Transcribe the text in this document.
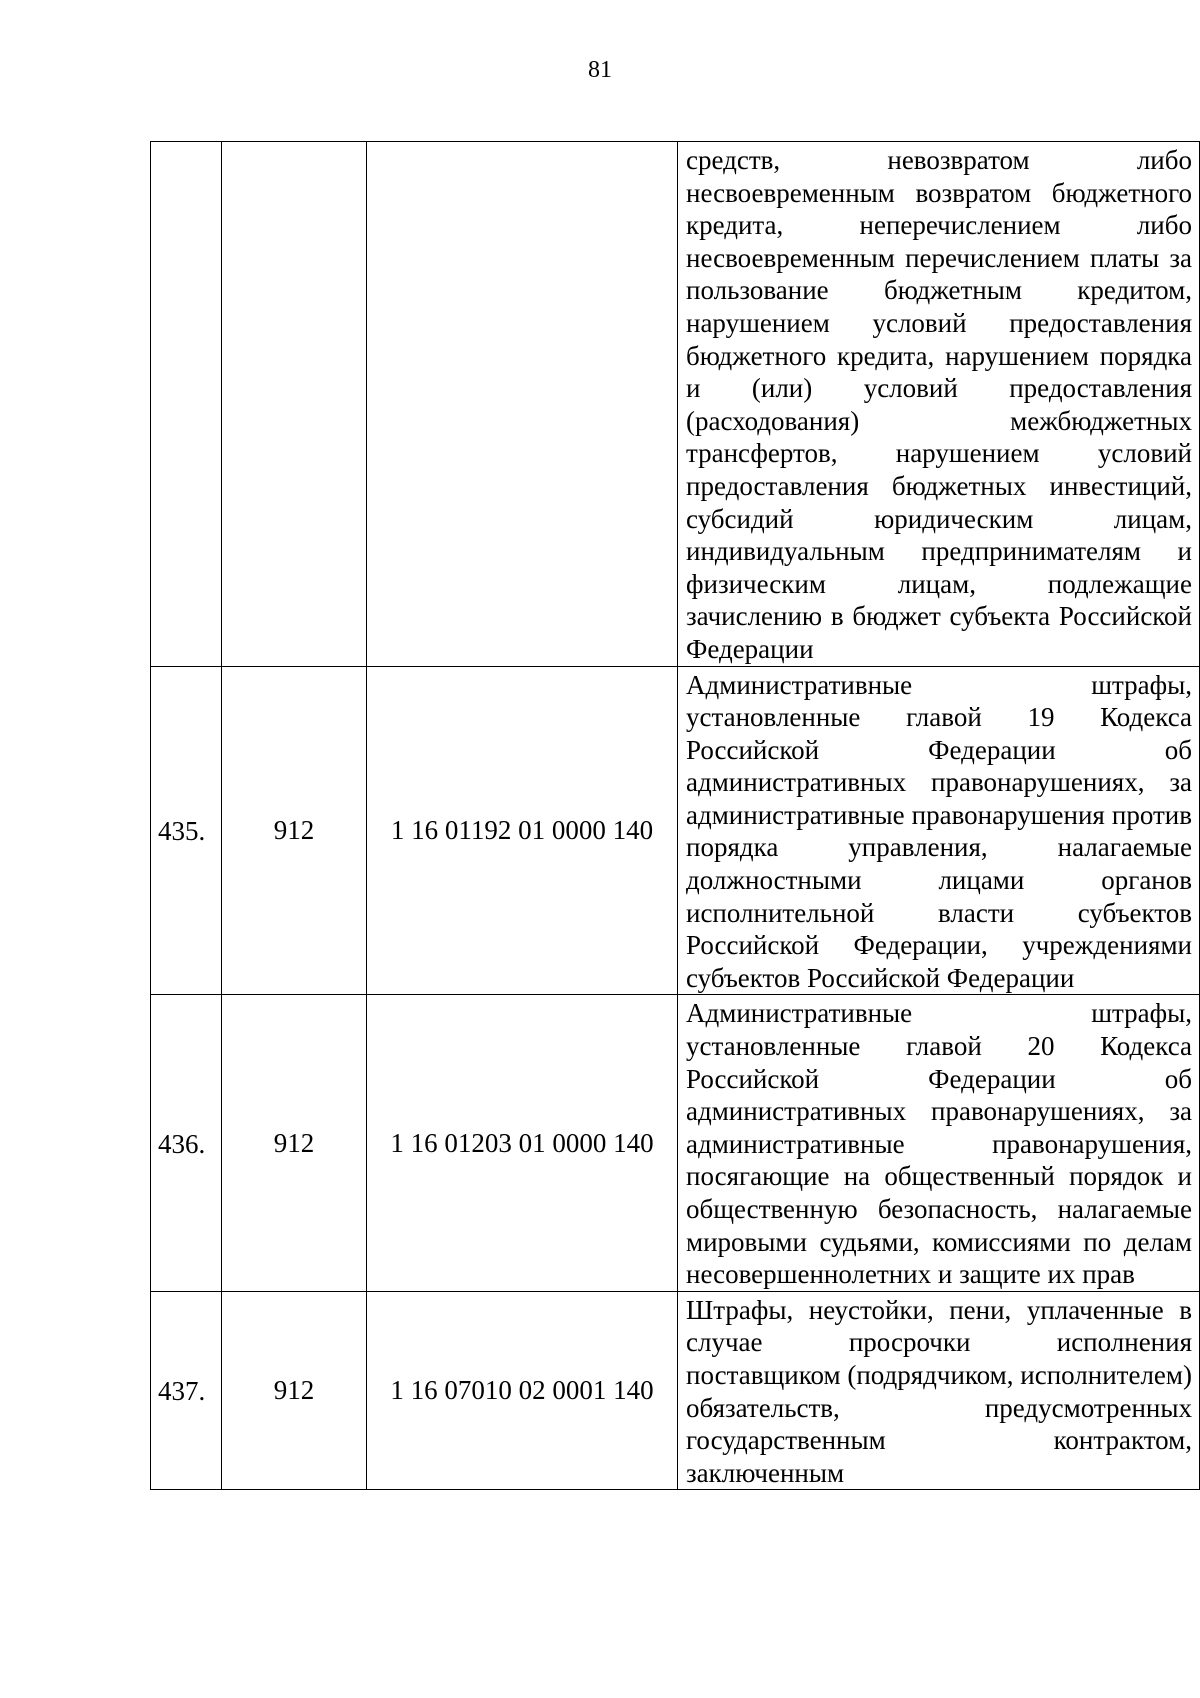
81
			средств, невозвратом либо несвоевременным возвратом бюджетного кредита, неперечислением либо несвоевременным перечислением платы за пользование бюджетным кредитом, нарушением условий предоставления бюджетного кредита, нарушением порядка и (или) условий предоставления (расходования) межбюджетных трансфертов, нарушением условий предоставления бюджетных инвестиций, субсидий юридическим лицам, индивидуальным предпринимателям и физическим лицам, подлежащие зачислению в бюджет субъекта Российской Федерации
435.	912	1 16 01192 01 0000 140	Административные штрафы, установленные главой 19 Кодекса Российской Федерации об административных правонарушениях, за административные правонарушения против порядка управления, налагаемые должностными лицами органов исполнительной власти субъектов Российской Федерации, учреждениями субъектов Российской Федерации
436.	912	1 16 01203 01 0000 140	Административные штрафы, установленные главой 20 Кодекса Российской Федерации об административных правонарушениях, за административные правонарушения, посягающие на общественный порядок и общественную безопасность, налагаемые мировыми судьями, комиссиями по делам несовершеннолетних и защите их прав
437.	912	1 16 07010 02 0001 140	Штрафы, неустойки, пени, уплаченные в случае просрочки исполнения поставщиком (подрядчиком, исполнителем) обязательств, предусмотренных государственным контрактом, заключенным
